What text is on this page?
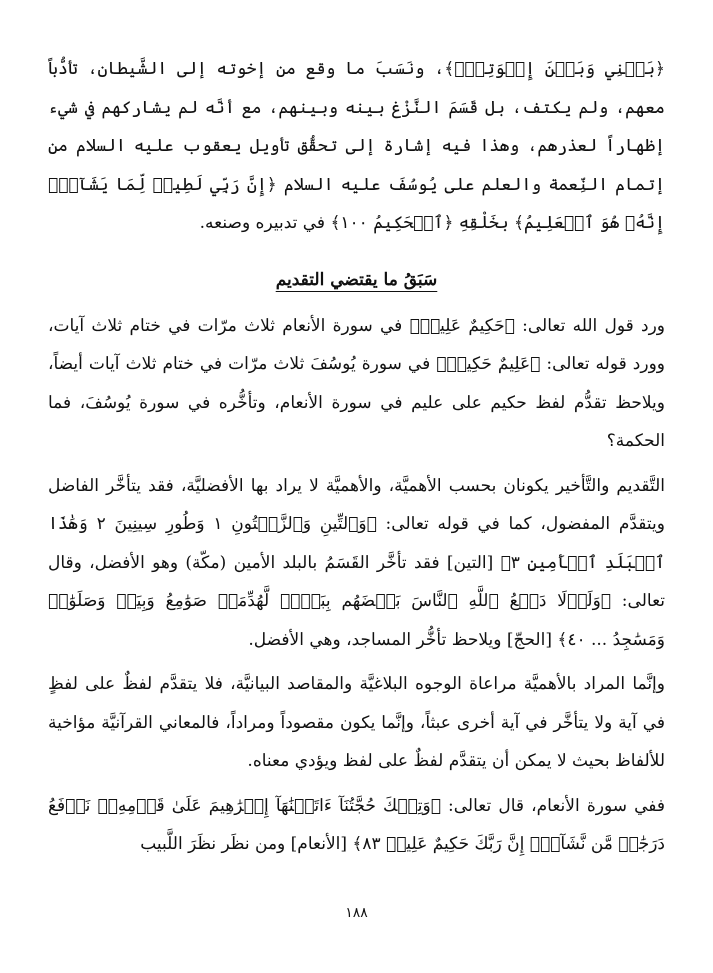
﴿بَيۡنِي وَبَيۡنَ إِخۡوَتِيٓۚ﴾، ونَسَبَ ما وقع من إخوته إلى الشَّيطان، تأدُّباً معهم، ولم يكتف، بل قَسَمَ النَّزْغ بينه وبينهم، مع أنَّه لم يشاركهم في شيء إظهاراً لعذرهم، وهذا فيه إشارة إلى تحقُّق تأويل يعقوب عليه السلام من إتمام النِّعمة والعلم على يُوسُفَ عليه السلام ﴿إِنَّ رَبِّي لَطِيفٞ لِّمَا يَشَآءُۚ إِنَّهُۥ هُوَ ٱلۡعَلِيمُ﴾ بخَلْقِهِ ﴿ٱلۡحَكِيمُ ١٠٠﴾ في تدبيره وصنعه.

سَبَقُ ما يقتضي التقديم

ورد قول الله تعالى: ﴿حَكِيمٌ عَلِيمٞ﴾ في سورة الأنعام ثلاث مرّات في ختام ثلاث آيات، وورد قوله تعالى: ﴿عَلِيمٌ حَكِيمٞ﴾ في سورة يُوسُفَ ثلاث مرّات في ختام ثلاث آيات أيضاً، ويلاحظ تقدُّم لفظ حكيم على عليم في سورة الأنعام، وتأخُّره في سورة يُوسُفَ، فما الحكمة؟

التَّقديم والتَّأخير يكونان بحسب الأهميَّة، والأهميَّة لا يراد بها الأفضليَّة، فقد يتأخَّر الفاضل ويتقدَّم المفضول، كما في قوله تعالى: ﴿وَٱلتِّينِ وَٱلزَّيۡتُونِ ١ وَطُورِ سِينِينَ ٢ وَهَٰذَا ٱلۡبَلَدِ ٱلۡأَمِينِ ٣﴾ [التين] فقد تأخَّر القَسَمُ بالبلد الأمين (مكّة) وهو الأفضل، وقال تعالى: ﴿وَلَوۡلَا دَفۡعُ ٱللَّهِ ٱلنَّاسَ بَعۡضَهُم بِبَعۡضٖ لَّهُدِّمَتۡ صَوَٰمِعُ وَبِيَعٞ وَصَلَوَٰتٞ وَمَسَٰجِدُ ... ٤٠﴾ [الحجّ] ويلاحظ تأخُّر المساجد، وهي الأفضل.

وإنَّما المراد بالأهميَّة مراعاة الوجوه البلاغيَّة والمقاصد البيانيَّة، فلا يتقدَّم لفظٌ على لفظٍ في آية ولا يتأخَّر في آية أخرى عبثاً، وإنَّما يكون مقصوداً ومراداً، فالمعاني القرآنيَّة مؤاخية للألفاظ بحيث لا يمكن أن يتقدَّم لفظٌ على لفظ ويؤدي معناه.

ففي سورة الأنعام، قال تعالى: ﴿وَتِلۡكَ حُجَّتُنَآ ءَاتَيۡنَٰهَآ إِبۡرَٰهِيمَ عَلَىٰ قَوۡمِهِۦۚ نَرۡفَعُ دَرَجَٰتٖ مَّن نَّشَآءُۗ إِنَّ رَبَّكَ حَكِيمٌ عَلِيمٞ ٨٣﴾ [الأنعام] ومن نظَر نظَرَ اللَّبيب

١٨٨
